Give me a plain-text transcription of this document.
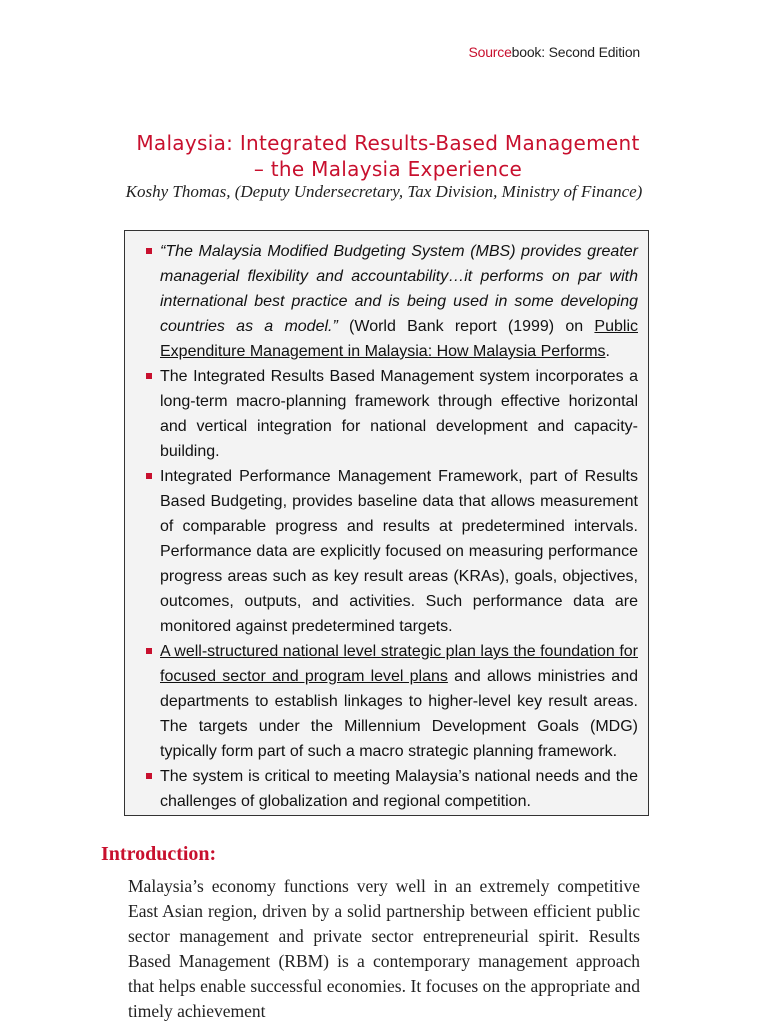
Sourcebook: Second Edition
Malaysia: Integrated Results-Based Management
– the Malaysia Experience
Koshy Thomas, (Deputy Undersecretary, Tax Division, Ministry of Finance)
“The Malaysia Modified Budgeting System (MBS) provides greater managerial flexibility and accountability…it performs on par with international best practice and is being used in some developing countries as a model.” (World Bank report (1999) on Public Expenditure Management in Malaysia: How Malaysia Performs.
The Integrated Results Based Management system incorporates a long-term macro-planning framework through effective horizontal and vertical integration for national development and capacity-building.
Integrated Performance Management Framework, part of Results Based Budgeting, provides baseline data that allows measurement of comparable progress and results at predetermined intervals. Performance data are explicitly focused on measuring performance progress areas such as key result areas (KRAs), goals, objectives, outcomes, outputs, and activities. Such performance data are monitored against predetermined targets.
A well-structured national level strategic plan lays the foundation for focused sector and program level plans and allows ministries and departments to establish linkages to higher-level key result areas. The targets under the Millennium Development Goals (MDG) typically form part of such a macro strategic planning framework.
The system is critical to meeting Malaysia’s national needs and the challenges of globalization and regional competition.
Introduction:

Malaysia’s economy functions very well in an extremely competitive East Asian region, driven by a solid partnership between efficient public sector management and private sector entrepreneurial spirit. Results Based Management (RBM) is a contemporary management approach that helps enable successful economies. It focuses on the appropriate and timely achievement
